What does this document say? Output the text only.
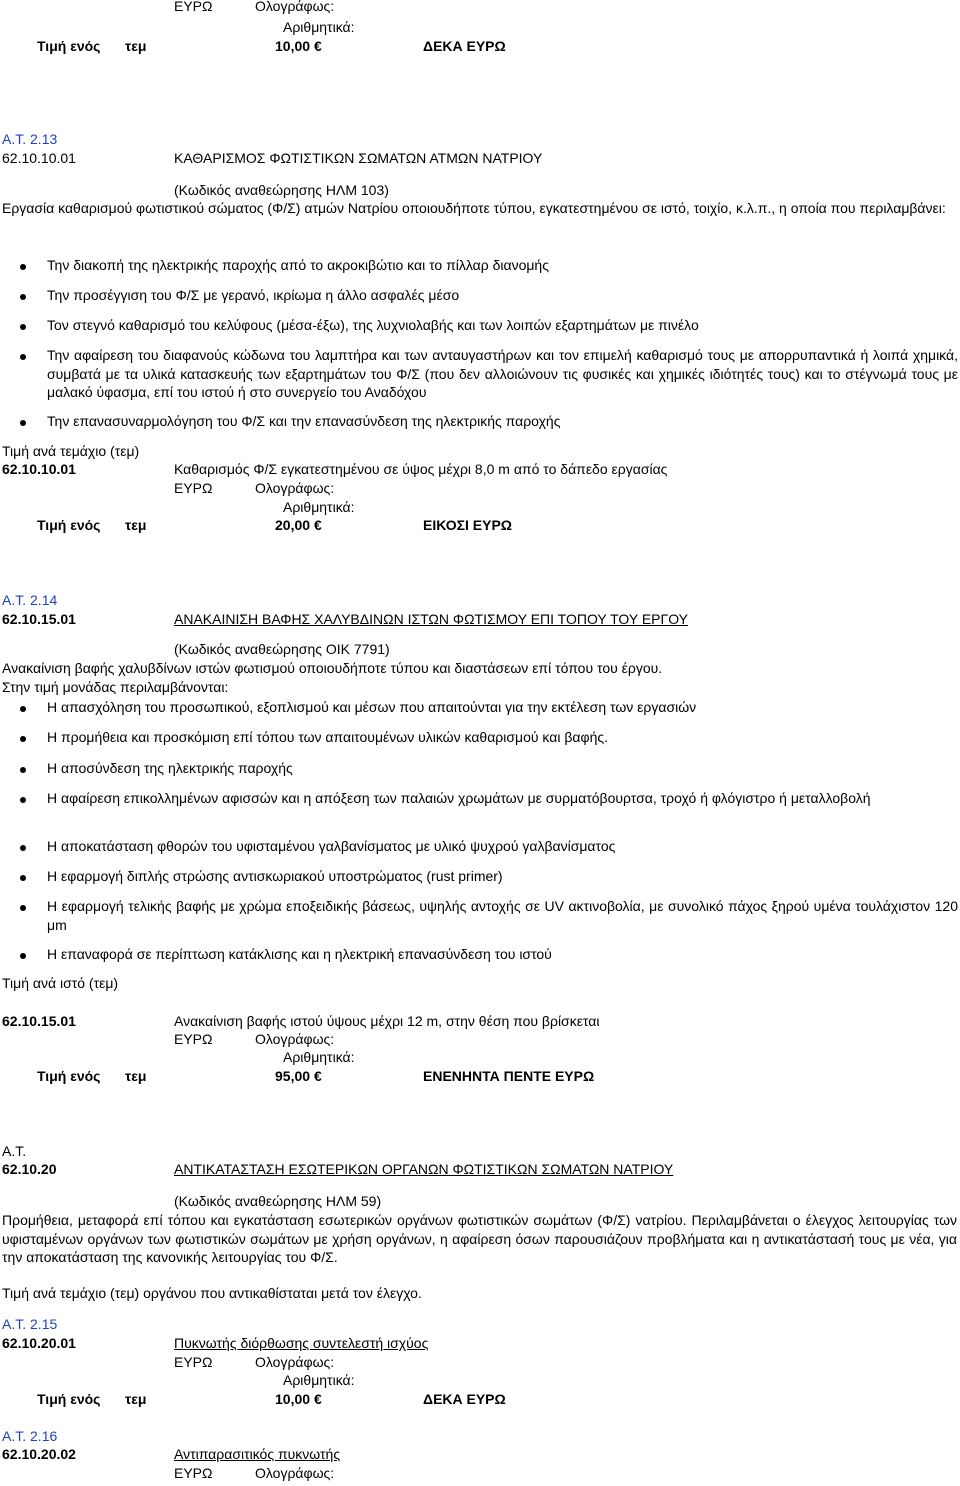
ΕΥΡΩ	Ολογράφως:
Αριθμητικά:
Τιμή ενός τεμ	10,00 €	ΔΕΚΑ ΕΥΡΩ
Α.Τ. 2.13
62.10.10.01	ΚΑΘΑΡΙΣΜΟΣ ΦΩΤΙΣΤΙΚΩΝ ΣΩΜΑΤΩΝ ΑΤΜΩΝ ΝΑΤΡΙΟΥ
(Κωδικός αναθεώρησης ΗΛΜ 103)
Εργασία καθαρισμού φωτιστικού σώματος (Φ/Σ) ατμών Νατρίου οποιουδήποτε τύπου, εγκατεστημένου σε ιστό, τοιχίο, κ.λ.π., η οποία που περιλαμβάνει:
Την διακοπή της ηλεκτρικής παροχής από το ακροκιβώτιο και το πίλλαρ διανομής
Την προσέγγιση του Φ/Σ με γερανό, ικρίωμα η άλλο ασφαλές μέσο
Τον στεγνό καθαρισμό του κελύφους (μέσα-έξω), της λυχνιολαβής και των λοιπών εξαρτημάτων με πινέλο
Την αφαίρεση του διαφανούς κώδωνα του λαμπτήρα και των ανταυγαστήρων και τον επιμελή καθαρισμό τους με απορρυπαντικά ή λοιπά χημικά, συμβατά με τα υλικά κατασκευής των εξαρτημάτων του Φ/Σ (που δεν αλλοιώνουν τις φυσικές και χημικές ιδιότητές τους) και το στέγνωμά τους με μαλακό ύφασμα, επί του ιστού ή στο συνεργείο του Αναδόχου
Την επανασυναρμολόγηση του Φ/Σ και την επανασύνδεση της ηλεκτρικής παροχής
Τιμή ανά τεμάχιο (τεμ)
62.10.10.01	Καθαρισμός Φ/Σ εγκατεστημένου σε ύψος μέχρι 8,0 m από το δάπεδο εργασίας
ΕΥΡΩ	Ολογράφως:
Αριθμητικά:
Τιμή ενός τεμ	20,00 €	ΕΙΚΟΣΙ ΕΥΡΩ
Α.Τ. 2.14
62.10.15.01	ΑΝΑΚΑΙΝΙΣΗ ΒΑΦΗΣ ΧΑΛΥΒΔΙΝΩΝ ΙΣΤΩΝ ΦΩΤΙΣΜΟΥ ΕΠΙ ΤΟΠΟΥ ΤΟΥ ΕΡΓΟΥ
(Κωδικός αναθεώρησης ΟΙΚ 7791)
Ανακαίνιση βαφής χαλυβδίνων ιστών φωτισμού οποιουδήποτε τύπου και διαστάσεων επί τόπου του έργου.
Στην τιμή μονάδας περιλαμβάνονται:
Η απασχόληση του προσωπικού, εξοπλισμού και μέσων που απαιτούνται για την εκτέλεση των εργασιών
Η προμήθεια και προσκόμιση επί τόπου των απαιτουμένων υλικών καθαρισμού και βαφής.
Η αποσύνδεση της ηλεκτρικής παροχής
Η αφαίρεση επικολλημένων αφισσών και η απόξεση των παλαιών χρωμάτων με συρματόβουρτσα, τροχό ή φλόγιστρο ή μεταλλοβολή
Η αποκατάσταση φθορών του υφισταμένου γαλβανίσματος με υλικό ψυχρού γαλβανίσματος
Η εφαρμογή διπλής στρώσης αντισκωριακού υποστρώματος (rust primer)
Η εφαρμογή τελικής βαφής με χρώμα εποξειδικής βάσεως, υψηλής αντοχής σε UV ακτινοβολία, με συνολικό πάχος ξηρού υμένα τουλάχιστον 120 μm
Η επαναφορά σε περίπτωση κατάκλισης και η ηλεκτρική επανασύνδεση του ιστού
Τιμή ανά ιστό (τεμ)
62.10.15.01	Ανακαίνιση βαφής ιστού ύψους μέχρι 12 m, στην θέση που βρίσκεται
ΕΥΡΩ	Ολογράφως:
Αριθμητικά:
Τιμή ενός τεμ	95,00 €	ΕΝΕΝΗΝΤΑ ΠΕΝΤΕ ΕΥΡΩ
Α.Τ.
62.10.20	ΑΝΤΙΚΑΤΑΣΤΑΣΗ ΕΣΩΤΕΡΙΚΩΝ ΟΡΓΑΝΩΝ ΦΩΤΙΣΤΙΚΩΝ ΣΩΜΑΤΩΝ ΝΑΤΡΙΟΥ
(Κωδικός αναθεώρησης ΗΛΜ 59)
Προμήθεια, μεταφορά επί τόπου και εγκατάσταση εσωτερικών οργάνων φωτιστικών σωμάτων (Φ/Σ) νατρίου. Περιλαμβάνεται ο έλεγχος λειτουργίας των υφισταμένων οργάνων των φωτιστικών σωμάτων με χρήση οργάνων, η αφαίρεση όσων παρουσιάζουν προβλήματα και η αντικατάστασή τους με νέα, για την αποκατάσταση της κανονικής λειτουργίας του Φ/Σ.
Τιμή ανά τεμάχιο (τεμ) οργάνου που αντικαθίσταται μετά τον έλεγχο.
Α.Τ. 2.15
62.10.20.01	Πυκνωτής διόρθωσης συντελεστή ισχύος
ΕΥΡΩ	Ολογράφως:
Αριθμητικά:
Τιμή ενός τεμ	10,00 €	ΔΕΚΑ ΕΥΡΩ
Α.Τ. 2.16
62.10.20.02	Αντιπαρασιτικός πυκνωτής
ΕΥΡΩ	Ολογράφως:
